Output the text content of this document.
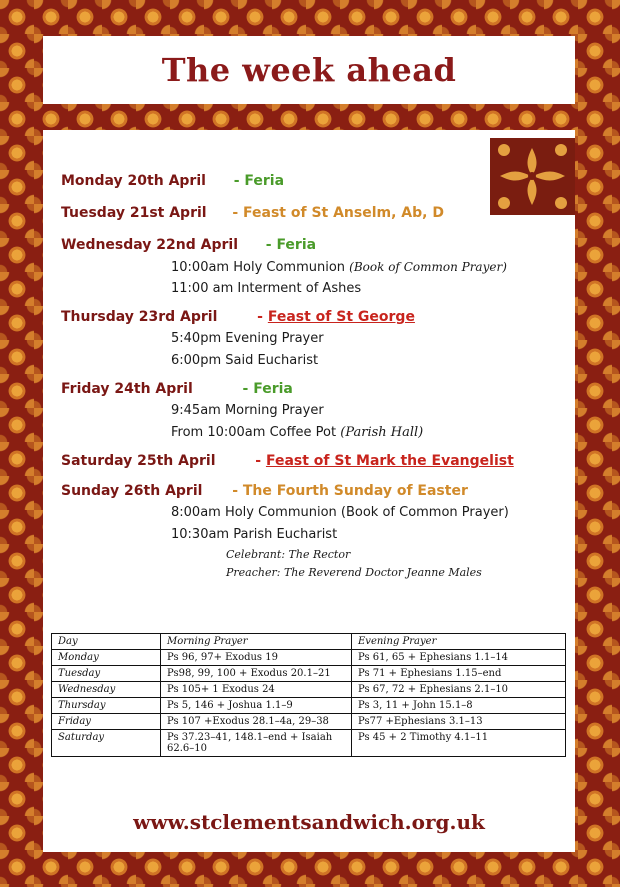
The week ahead
Monday 20th April - Feria
Tuesday 21st April - Feast of St Anselm, Ab, D
Wednesday 22nd April - Feria
10:00am Holy Communion (Book of Common Prayer)
11:00 am Interment of Ashes
Thursday 23rd April	- Feast of St George
5:40pm Evening Prayer
6:00pm Said Eucharist
Friday 24th April	- Feria
9:45am Morning Prayer
From 10:00am Coffee Pot (Parish Hall)
Saturday 25th April	- Feast of St Mark the Evangelist
Sunday 26th April - The Fourth Sunday of Easter
8:00am Holy Communion (Book of Common Prayer)
10:30am Parish Eucharist
Celebrant: The Rector
Preacher: The Reverend Doctor Jeanne Males
Day	Morning Prayer	Evening Prayer
Monday	Ps 96, 97+ Exodus 19	Ps 61, 65 + Ephesians 1.1–14
Tuesday	Ps98, 99, 100 + Exodus 20.1–21	Ps 71 + Ephesians 1.15–end
Wednesday	Ps 105+ 1 Exodus 24	Ps 67, 72 + Ephesians 2.1–10
Thursday	Ps 5, 146 + Joshua 1.1–9	Ps 3, 11 + John 15.1–8
Friday	Ps 107 +Exodus 28.1–4a, 29–38	Ps77 +Ephesians 3.1–13
Saturday	Ps 37.23–41, 148.1–end + Isaiah 62.6–10	Ps 45 + 2 Timothy 4.1–11
www.stclementsandwich.org.uk
